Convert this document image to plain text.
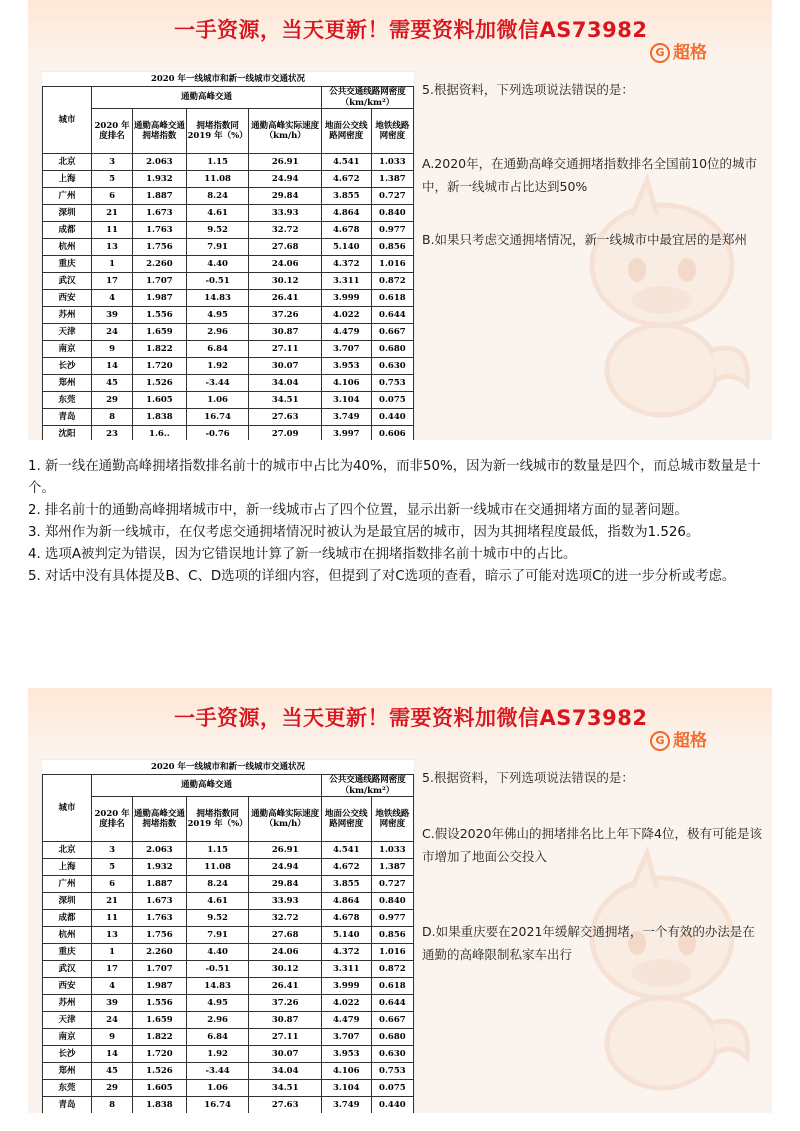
一手资源，当天更新！需要资料加微信AS73982
G 超格
2020 年一线城市和新一线城市交通状况
城市	通勤高峰交通				公共交通线路网密度（km/km²）	
	2020 年度排名	通勤高峰交通拥堵指数	拥堵指数同 2019 年（%）	通勤高峰实际速度（km/h）	地面公交线路网密度	地铁线路网密度
北京	3	2.063	1.15	26.91	4.541	1.033
上海	5	1.932	11.08	24.94	4.672	1.387
广州	6	1.887	8.24	29.84	3.855	0.727
深圳	21	1.673	4.61	33.93	4.864	0.840
成都	11	1.763	9.52	32.72	4.678	0.977
杭州	13	1.756	7.91	27.68	5.140	0.856
重庆	1	2.260	4.40	24.06	4.372	1.016
武汉	17	1.707	-0.51	30.12	3.311	0.872
西安	4	1.987	14.83	26.41	3.999	0.618
苏州	39	1.556	4.95	37.26	4.022	0.644
天津	24	1.659	2.96	30.87	4.479	0.667
南京	9	1.822	6.84	27.11	3.707	0.680
长沙	14	1.720	1.92	30.07	3.953	0.630
郑州	45	1.526	-3.44	34.04	4.106	0.753
东莞	29	1.605	1.06	34.51	3.104	0.075
青岛	8	1.838	16.74	27.63	3.749	0.440
沈阳	23	1.6..	-0.76	27.09	3.997	0.606

5.根据资料，下列选项说法错误的是：
A.2020年，在通勤高峰交通拥堵指数排名全国前10位的城市中，新一线城市占比达到50%
B.如果只考虑交通拥堵情况，新一线城市中最宜居的是郑州

1. 新一线在通勤高峰拥堵指数排名前十的城市中占比为40%，而非50%，因为新一线城市的数量是四个，而总城市数量是十个。

2. 排名前十的通勤高峰拥堵城市中，新一线城市占了四个位置，显示出新一线城市在交通拥堵方面的显著问题。

3. 郑州作为新一线城市，在仅考虑交通拥堵情况时被认为是最宜居的城市，因为其拥堵程度最低，指数为1.526。

4. 选项A被判定为错误，因为它错误地计算了新一线城市在拥堵指数排名前十城市中的占比。

5. 对话中没有具体提及B、C、D选项的详细内容，但提到了对C选项的查看，暗示了可能对选项C的进一步分析或考虑。

一手资源，当天更新！需要资料加微信AS73982
G 超格
2020 年一线城市和新一线城市交通状况
城市	通勤高峰交通				公共交通线路网密度（km/km²）	
	2020 年度排名	通勤高峰交通拥堵指数	拥堵指数同 2019 年（%）	通勤高峰实际速度（km/h）	地面公交线路网密度	地铁线路网密度
北京	3	2.063	1.15	26.91	4.541	1.033
上海	5	1.932	11.08	24.94	4.672	1.387
广州	6	1.887	8.24	29.84	3.855	0.727
深圳	21	1.673	4.61	33.93	4.864	0.840
成都	11	1.763	9.52	32.72	4.678	0.977
杭州	13	1.756	7.91	27.68	5.140	0.856
重庆	1	2.260	4.40	24.06	4.372	1.016
武汉	17	1.707	-0.51	30.12	3.311	0.872
西安	4	1.987	14.83	26.41	3.999	0.618
苏州	39	1.556	4.95	37.26	4.022	0.644
天津	24	1.659	2.96	30.87	4.479	0.667
南京	9	1.822	6.84	27.11	3.707	0.680
长沙	14	1.720	1.92	30.07	3.953	0.630
郑州	45	1.526	-3.44	34.04	4.106	0.753
东莞	29	1.605	1.06	34.51	3.104	0.075
青岛	8	1.838	16.74	27.63	3.749	0.440

5.根据资料，下列选项说法错误的是：
C.假设2020年佛山的拥堵排名比上年下降4位，极有可能是该市增加了地面公交投入
D.如果重庆要在2021年缓解交通拥堵，一个有效的办法是在通勤的高峰限制私家车出行
